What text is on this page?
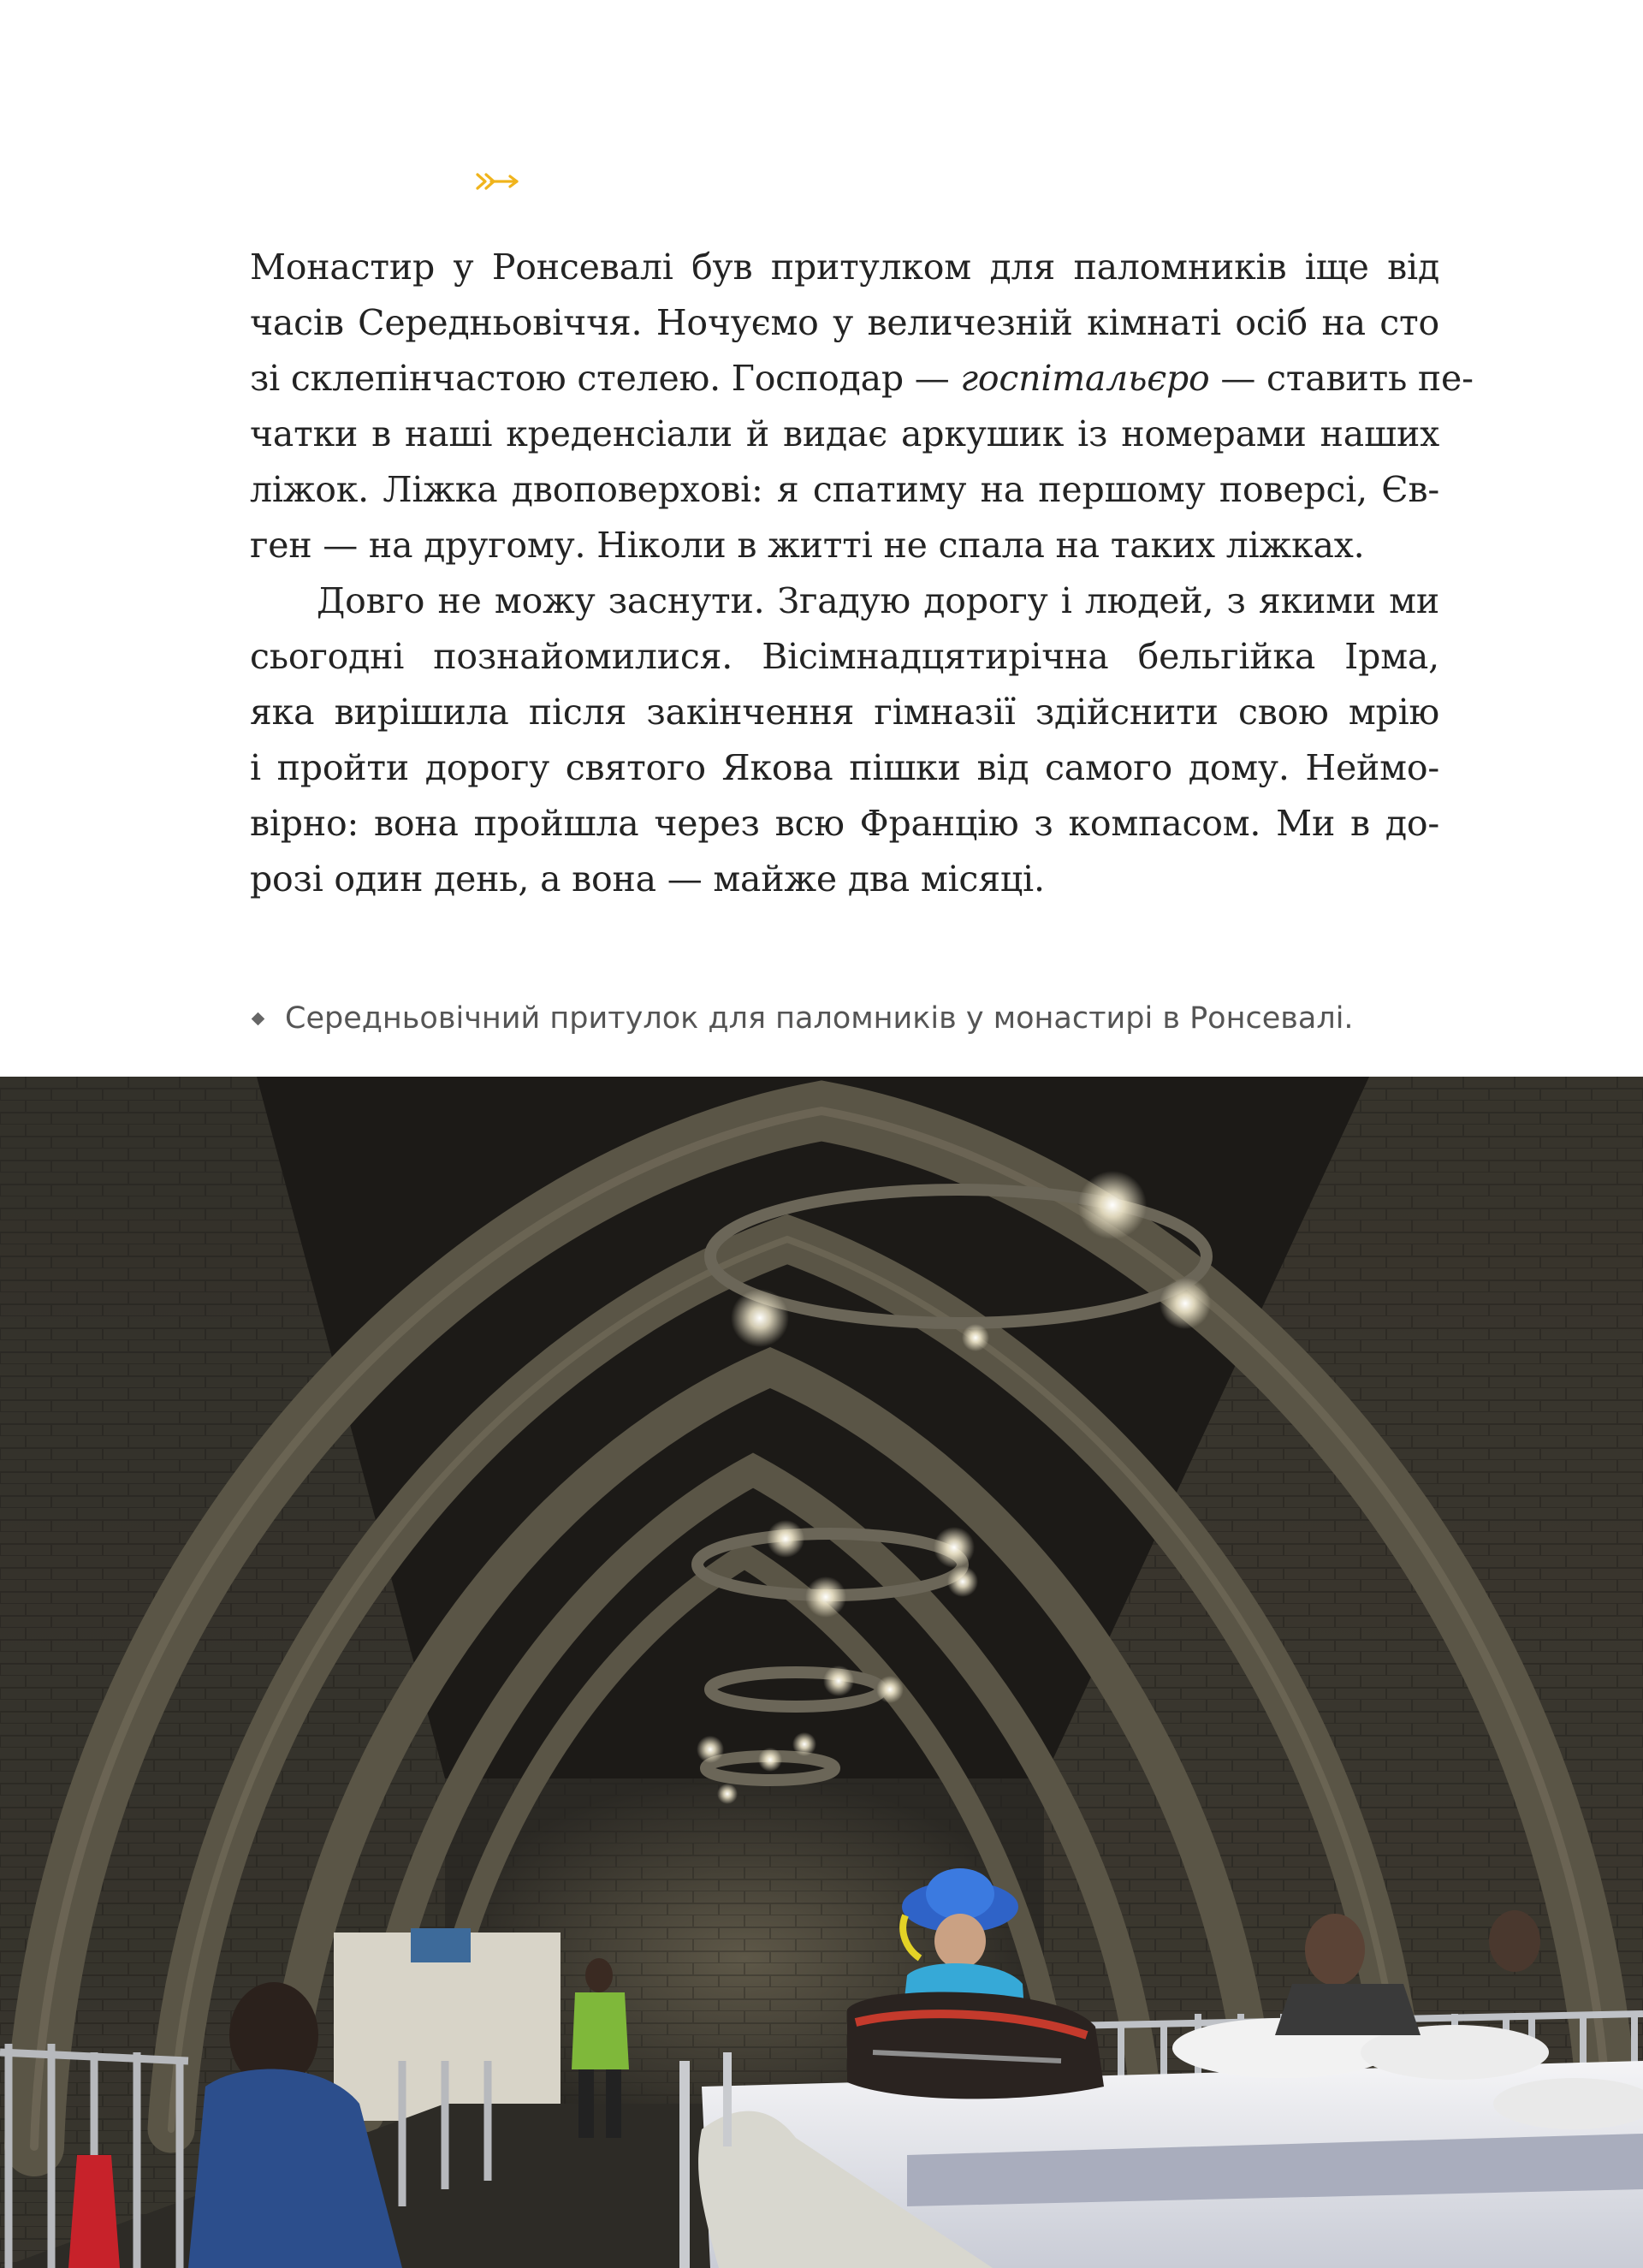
Монастир у Ронсевалі був притулком для паломників іще від
часів Середньовіччя. Ночуємо у величезній кімнаті осіб на сто
зі склепінчастою стелею. Господар — госпітальєро — ставить пе-
чатки в наші креденсіали й видає аркушик із номерами наших
ліжок. Ліжка двоповерхові: я спатиму на першому поверсі, Єв-
ген — на другому. Ніколи в житті не спала на таких ліжках.
Довго не можу заснути. Згадую дорогу і людей, з якими ми
сьогодні познайомилися. Вісімнадцятирічна бельгійка Ірма,
яка вирішила після закінчення гімназії здійснити свою мрію
і пройти дорогу святого Якова пішки від самого дому. Неймо-
вірно: вона пройшла через всю Францію з компасом. Ми в до-
розі один день, а вона — майже два місяці.
Середньовічний притулок для паломників у монастирі в Ронсевалі.
